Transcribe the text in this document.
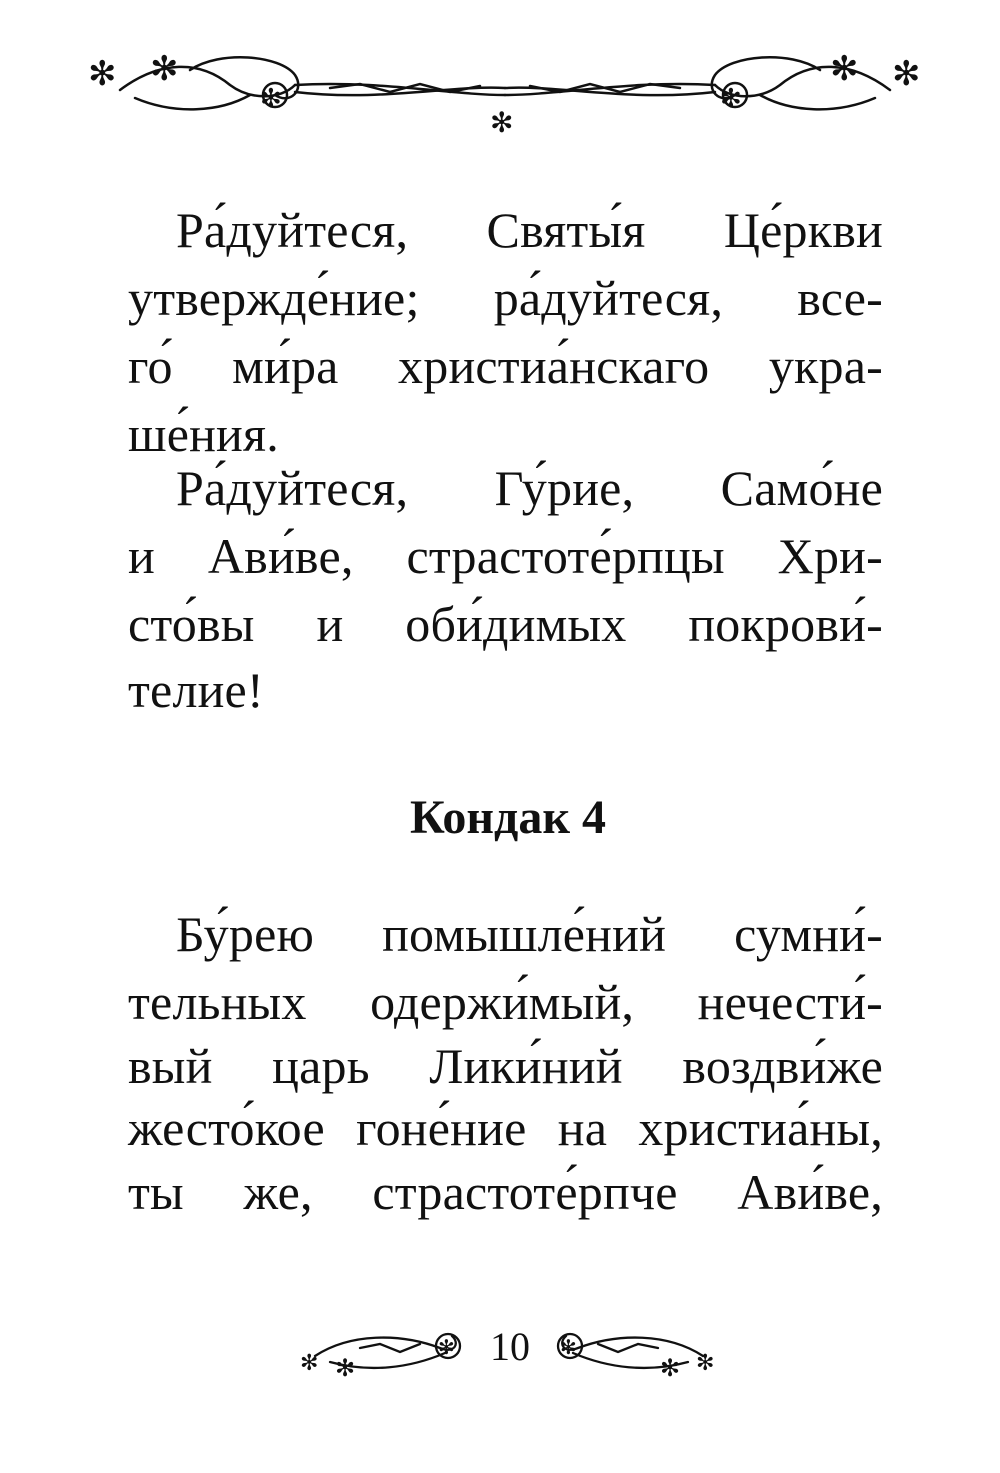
✻ ✻
✻
✻
✻
✻ ✻
Ра́дуйтеся, Святы́я Це́ркви
утвержде́ние; ра́дуйтеся, все-
го́ ми́ра христиа́нскаго укра-
ше́ния.
Ра́дуйтеся, Гу́рие, Само́не
и Ави́ве, страстоте́рпцы Хри-
сто́вы и оби́димых покрови́-
телие!
Кондак 4
Бу́рею помышле́ний сумни́-
тельных одержи́мый, нечести́-
вый царь Лики́ний воздви́же
жесто́кое гоне́ние на христиа́ны,
ты же, страстоте́рпче Ави́ве,
✻ ✻
✻ 10	✻
✻
✻
